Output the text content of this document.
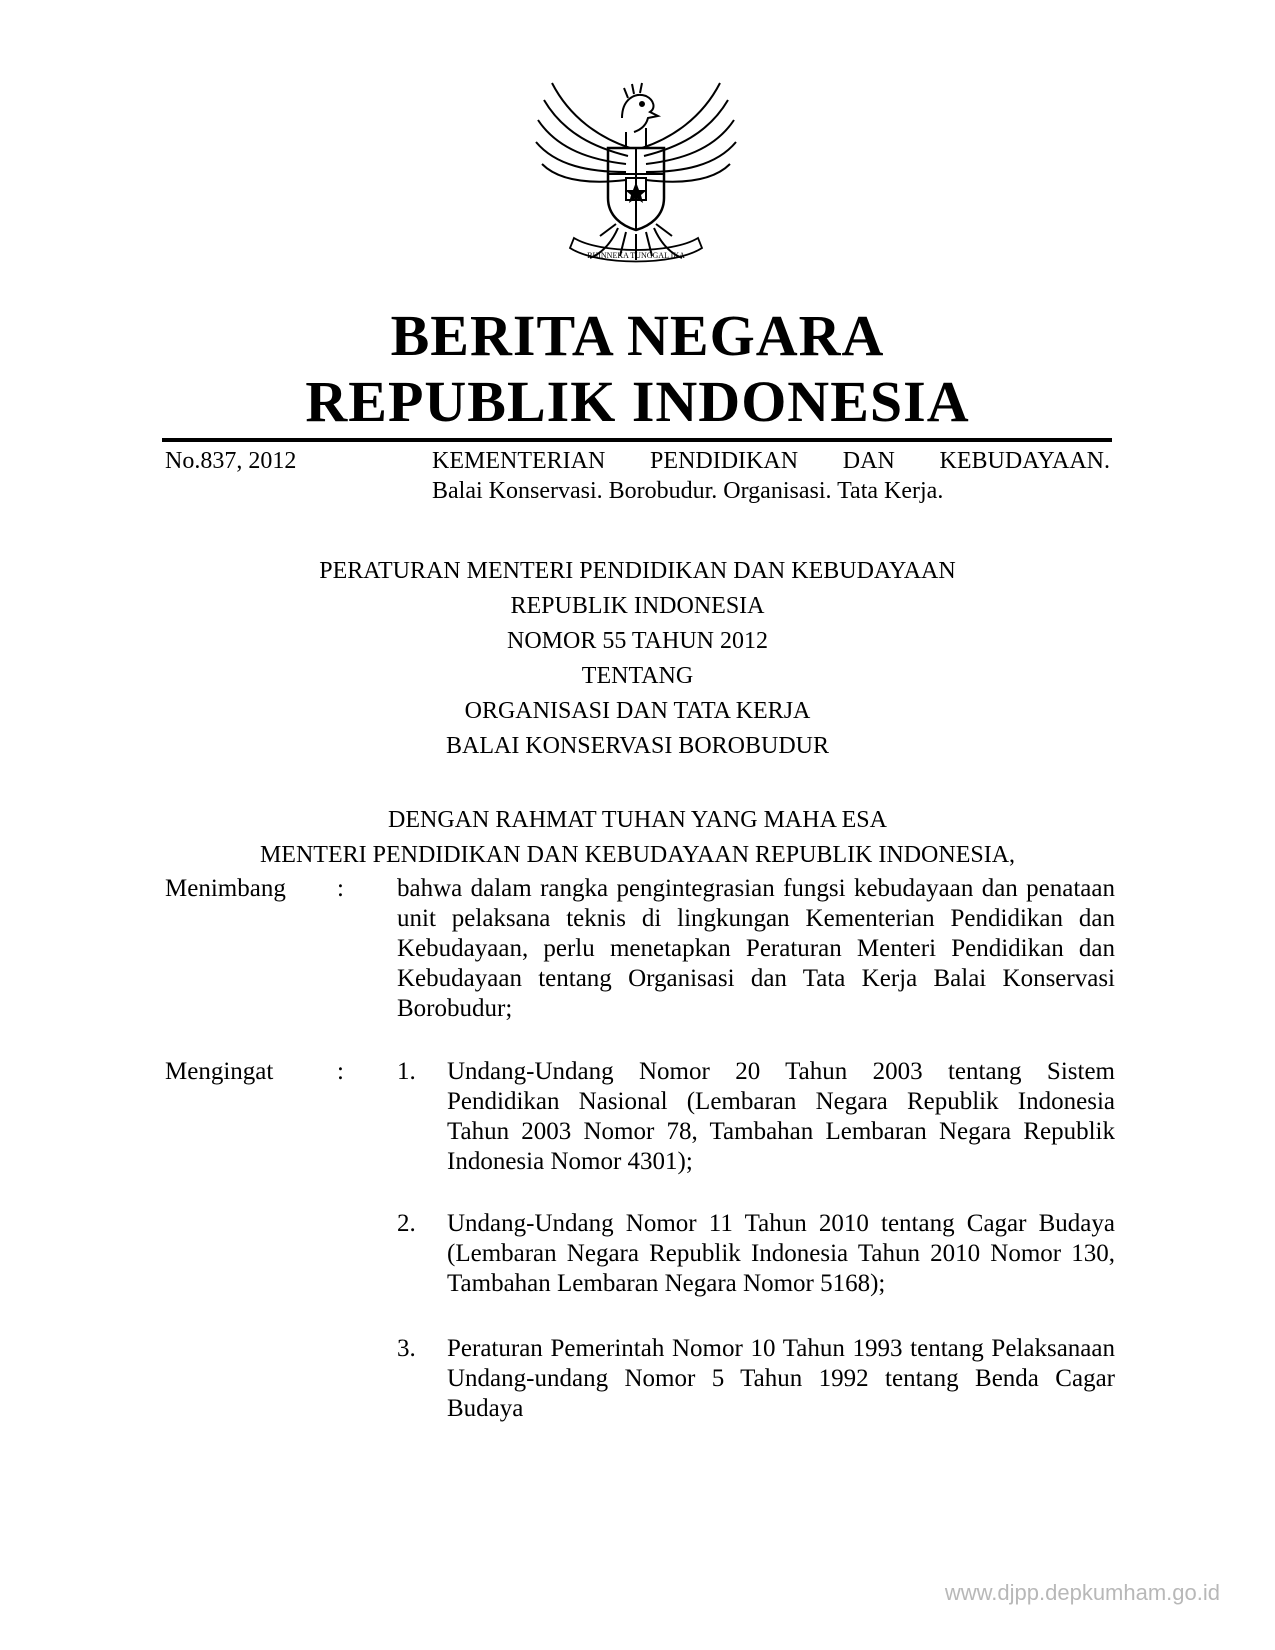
BHINNEKA TUNGGAL IKA
BERITA NEGARA
REPUBLIK INDONESIA
No.837, 2012	KEMENTERIAN PENDIDIKAN DAN KEBUDAYAAN.
Balai Konservasi. Borobudur. Organisasi. Tata Kerja.
PERATURAN MENTERI PENDIDIKAN DAN KEBUDAYAAN
REPUBLIK INDONESIA
NOMOR 55 TAHUN 2012
TENTANG
ORGANISASI DAN TATA KERJA
BALAI KONSERVASI BOROBUDUR
DENGAN RAHMAT TUHAN YANG MAHA ESA
MENTERI PENDIDIKAN DAN KEBUDAYAAN REPUBLIK INDONESIA,
Menimbang : bahwa dalam rangka pengintegrasian fungsi kebudayaan dan penataan unit pelaksana teknis di lingkungan Kementerian Pendidikan dan Kebudayaan, perlu menetapkan Peraturan Menteri Pendidikan dan Kebudayaan tentang Organisasi dan Tata Kerja Balai Konservasi Borobudur;
Mengingat	: 1. Undang-Undang Nomor 20 Tahun 2003 tentang Sistem Pendidikan Nasional (Lembaran Negara Republik Indonesia Tahun 2003 Nomor 78, Tambahan Lembaran Negara Republik Indonesia Nomor 4301);
2. Undang-Undang Nomor 11 Tahun 2010 tentang Cagar Budaya (Lembaran Negara Republik Indonesia Tahun 2010 Nomor 130, Tambahan Lembaran Negara Nomor 5168);
3. Peraturan Pemerintah Nomor 10 Tahun 1993 tentang Pelaksanaan Undang-undang Nomor 5 Tahun 1992 tentang Benda Cagar Budaya
www.djpp.depkumham.go.id
